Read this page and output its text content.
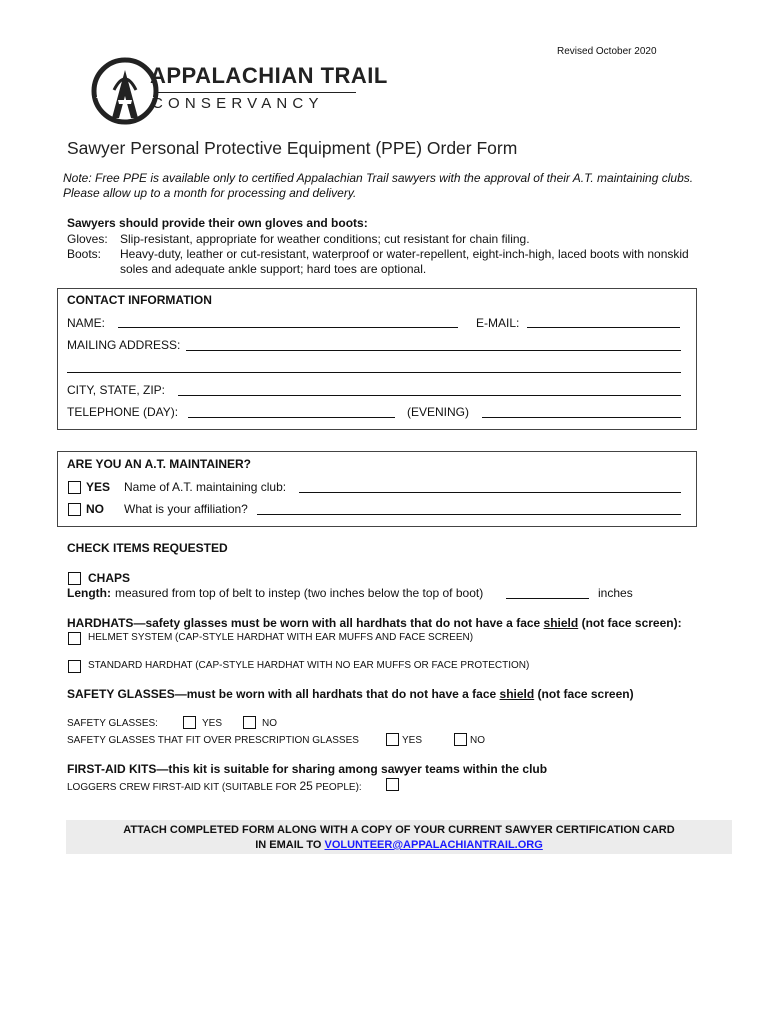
Revised October 2020
APPALACHIAN TRAIL
CONSERVANCY
Sawyer Personal Protective Equipment (PPE) Order Form
Note: Free PPE is available only to certified Appalachian Trail sawyers with the approval of their A.T. maintaining clubs.
Please allow up to a month for processing and delivery.
Sawyers should provide their own gloves and boots:
Gloves: Slip-resistant, appropriate for weather conditions; cut resistant for chain filing.
Boots: Heavy-duty, leather or cut-resistant, waterproof or water-repellent, eight-inch-high, laced boots with nonskid
soles and adequate ankle support; hard toes are optional.
CONTACT INFORMATION
NAME:	E-MAIL:
MAILING ADDRESS:
CITY, STATE, ZIP:
TELEPHONE (DAY):	(EVENING)
ARE YOU AN A.T. MAINTAINER?
YES Name of A.T. maintaining club:
NO What is your affiliation?
CHECK ITEMS REQUESTED
CHAPS
Length: measured from top of belt to instep (two inches below the top of boot)	inches
HARDHATS—safety glasses must be worn with all hardhats that do not have a face shield (not face screen):
HELMET SYSTEM (CAP-STYLE HARDHAT WITH EAR MUFFS AND FACE SCREEN)
STANDARD HARDHAT (CAP-STYLE HARDHAT WITH NO EAR MUFFS OR FACE PROTECTION)
SAFETY GLASSES—must be worn with all hardhats that do not have a face shield (not face screen)
SAFETY GLASSES:	YES	NO
SAFETY GLASSES THAT FIT OVER PRESCRIPTION GLASSES	YES	NO
FIRST-AID KITS—this kit is suitable for sharing among sawyer teams within the club
LOGGERS CREW FIRST-AID KIT (SUITABLE FOR 25 PEOPLE):
ATTACH COMPLETED FORM ALONG WITH A COPY OF YOUR CURRENT SAWYER CERTIFICATION CARD
IN EMAIL TO VOLUNTEER@APPALACHIANTRAIL.ORG
